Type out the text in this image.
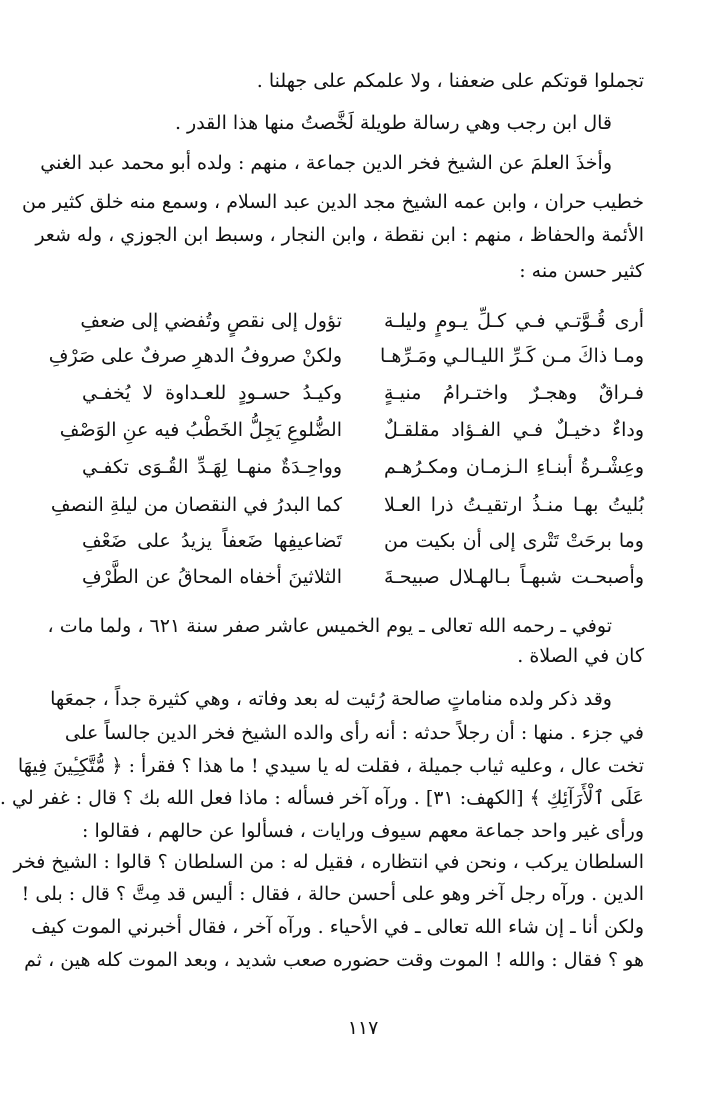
تجملوا قوتكم على ضعفنا ، ولا علمكم على جهلنا .
قال ابن رجب وهي رسالة طويلة لَخَّصتُ منها هذا القدر .
وأخذَ العلمَ عن الشيخ فخر الدين جماعة ، منهم : ولده أبو محمد عبد الغني
خطيب حران ، وابن عمه الشيخ مجد الدين عبد السلام ، وسمع منه خلق كثير من
الأئمة والحفاظ ، منهم : ابن نقطة ، وابن النجار ، وسبط ابن الجوزي ، وله شعر
كثير حسن منه :
أرى قُـوَّتـي فـي كـلِّ يـومٍ وليلـة
تؤول إلى نقصٍ وتُفضي إلى ضعفِ
ومـا ذاكَ مـن كَـرِّ الليـالـي ومَـرِّهـا
ولكنْ صروفُ الدهرِ صرفٌ على صَرْفِ
فـراقٌ وهجـرٌ واختـرامُ منيـةٍ
وكيـدُ حسـودٍ للعـداوة لا يُخفـي
وداءٌ دخيـلٌ فـي الفـؤاد مقلقـلٌ
الضُّلوعِ يَجِلُّ الخَطْبُ فيه عنِ الوَصْفِ
وعِشْـرةُ أبنـاءِ الـزمـان ومكـرُهـم
وواحِـدَةٌ منهـا لِهَـدِّ القُـوَى تكفـي
بُليتُ بهـا منـذُ ارتقيـتُ ذرا العـلا
كما البدرُ في النقصان من ليلةِ النصفِ
وما برحَتْ تَتْرى إلى أن بكيت من
تَضاعيفِها ضَعفاً يزيدُ على ضَعْفِ
وأصبحـت شبهـاً بـالهـلال صبيحـةَ
الثلاثينَ أخفاه المحاقُ عن الطَّرْفِ
توفي ـ رحمه الله تعالى ـ يوم الخميس عاشر صفر سنة ٦٢١ ، ولما مات ،
كان في الصلاة .
وقد ذكر ولده مناماتٍ صالحة رُئيت له بعد وفاته ، وهي كثيرة جداً ، جمعَها
في جزء . منها : أن رجلاً حدثه : أنه رأى والده الشيخ فخر الدين جالساً على
تخت عال ، وعليه ثياب جميلة ، فقلت له يا سيدي ! ما هذا ؟ فقرأ : ﴿ مُّتَّكِـِٔينَ فِيهَا
عَلَى ٱلْأَرَآئِكِ ﴾ [الكهف: ٣١] . ورآه آخر فسأله : ماذا فعل الله بك ؟ قال : غفر لي .
ورأى غير واحد جماعة معهم سيوف ورايات ، فسألوا عن حالهم ، فقالوا :
السلطان يركب ، ونحن في انتظاره ، فقيل له : من السلطان ؟ قالوا : الشيخ فخر
الدين . ورآه رجل آخر وهو على أحسن حالة ، فقال : أليس قد مِتَّ ؟ قال : بلى !
ولكن أنا ـ إن شاء الله تعالى ـ في الأحياء . ورآه آخر ، فقال أخبرني الموت كيف
هو ؟ فقال : والله ! الموت وقت حضوره صعب شديد ، وبعد الموت كله هين ، ثم
١١٧
